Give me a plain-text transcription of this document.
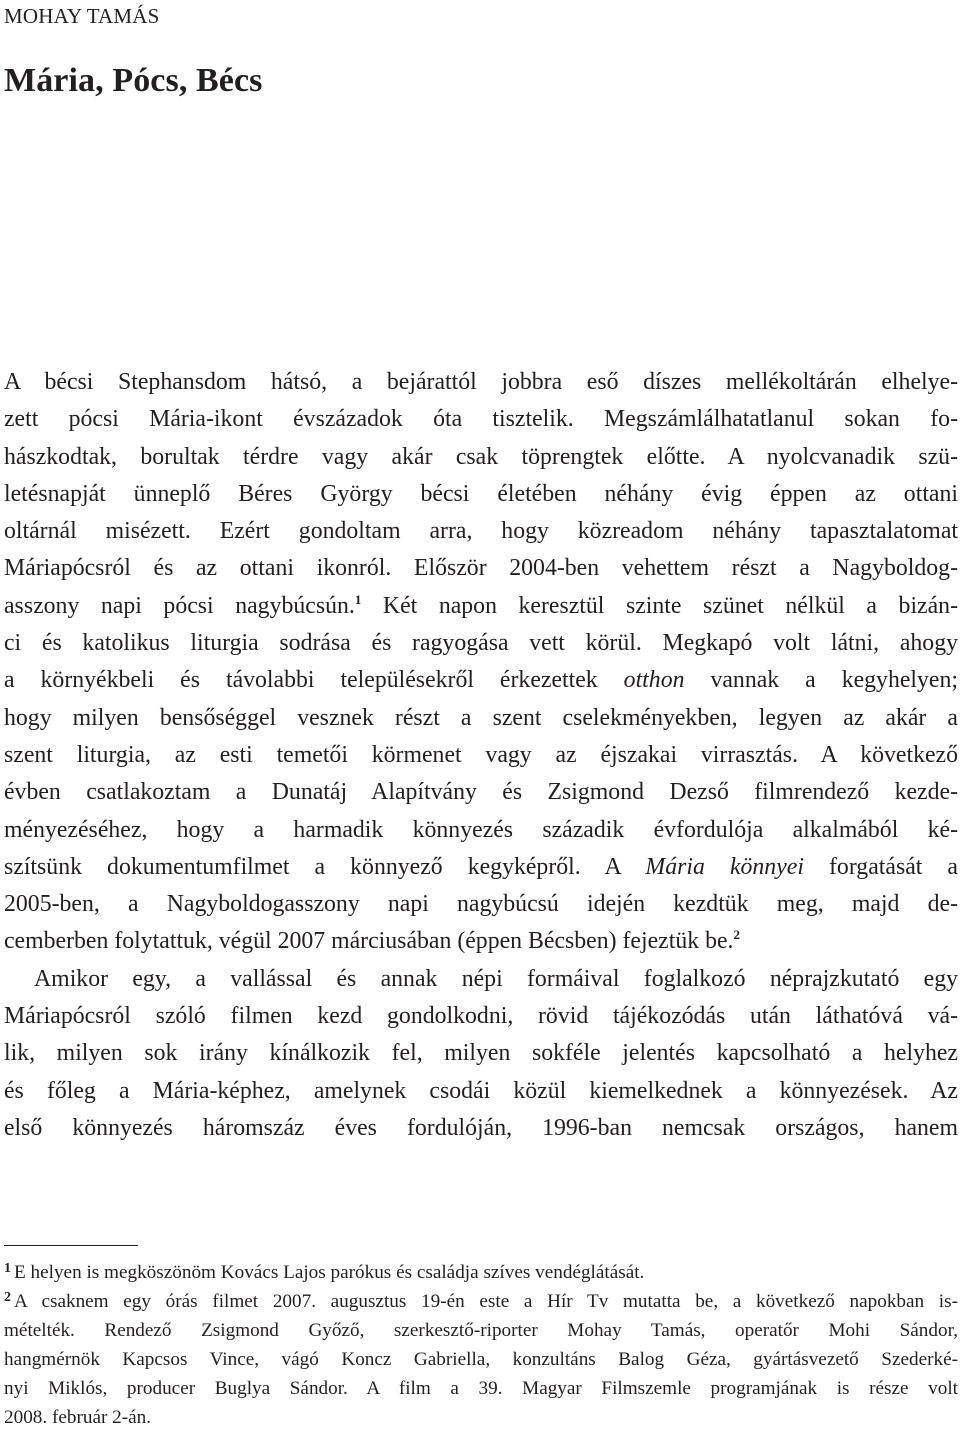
MOHAY TAMÁS
Mária, Pócs, Bécs
A bécsi Stephansdom hátsó, a bejárattól jobbra eső díszes mellékoltárán elhelye-
zett pócsi Mária-ikont évszázadok óta tisztelik. Megszámlálhatatlanul sokan fo-
hászkodtak, borultak térdre vagy akár csak töprengtek előtte. A nyolcvanadik szü-
letésnapját ünneplő Béres György bécsi életében néhány évig éppen az ottani
oltárnál misézett. Ezért gondoltam arra, hogy közreadom néhány tapasztalatomat
Máriapócsról és az ottani ikonról. Először 2004-ben vehettem részt a Nagyboldog-
asszony napi pócsi nagybúcsún.$^1$ Két napon keresztül szinte szünet nélkül a bizán-
ci és katolikus liturgia sodrása és ragyogása vett körül. Megkapó volt látni, ahogy
a környékbeli és távolabbi településekről érkezettek otthon vannak a kegyhelyen;
hogy milyen bensőséggel vesznek részt a szent cselekményekben, legyen az akár a
szent liturgia, az esti temetői körmenet vagy az éjszakai virrasztás. A következő
évben csatlakoztam a Dunatáj Alapítvány és Zsigmond Dezső filmrendező kezde-
ményezéséhez, hogy a harmadik könnyezés századik évfordulója alkalmából ké-
szítsünk dokumentumfilmet a könnyező kegyképről. A Mária könnyei forgatását a
2005-ben, a Nagyboldogasszony napi nagybúcsú idején kezdtük meg, majd de-
cemberben folytattuk, végül 2007 márciusában (éppen Bécsben) fejeztük be.$^2$
Amikor egy, a vallással és annak népi formáival foglalkozó néprajzkutató egy
Máriapócsról szóló filmen kezd gondolkodni, rövid tájékozódás után láthatóvá vá-
lik, milyen sok irány kínálkozik fel, milyen sokféle jelentés kapcsolható a helyhez
és főleg a Mária-képhez, amelynek csodái közül kiemelkednek a könnyezések. Az
első könnyezés háromszáz éves fordulóján, 1996-ban nemcsak országos, hanem
$^1$ E helyen is megköszönöm Kovács Lajos parókus és családja szíves vendéglátását.
$^2$ A csaknem egy órás filmet 2007. augusztus 19-én este a Hír Tv mutatta be, a következő napokban is-
mételték. Rendező Zsigmond Győző, szerkesztő-riporter Mohay Tamás, operatőr Mohi Sándor,
hangmérnök Kapcsos Vince, vágó Koncz Gabriella, konzultáns Balog Géza, gyártásvezető Szederké-
nyi Miklós, producer Buglya Sándor. A film a 39. Magyar Filmszemle programjának is része volt
2008. február 2-án.
